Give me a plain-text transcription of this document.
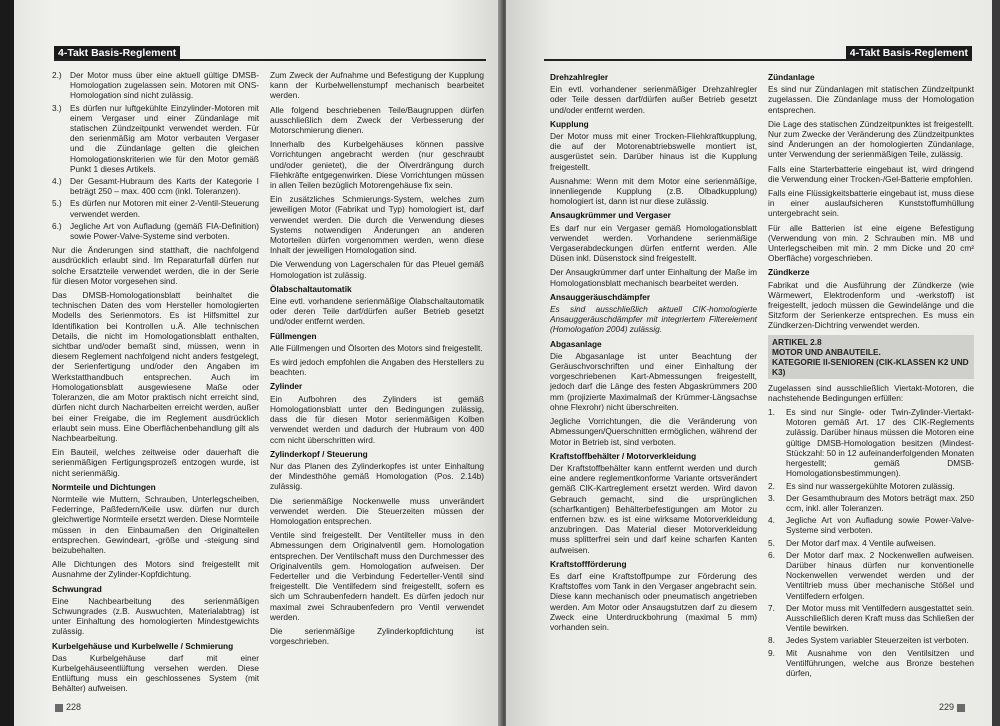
4-Takt Basis-Reglement
2.) Der Motor muss über eine aktuell gültige DMSB-Homologation zugelassen sein. Motoren mit ONS-Homologation sind nicht zulässig.
3.) Es dürfen nur luftgekühlte Einzylinder-Motoren mit einem Vergaser und einer Zündanlage mit statischen Zündzeitpunkt verwendet werden. Für den serienmäßig am Motor verbauten Vergaser und die Zündanlage gelten die gleichen Homologationskriterien wie für den Motor gemäß Punkt 1 dieses Artikels.
4.) Der Gesamt-Hubraum des Karts der Kategorie I beträgt 250 – max. 400 ccm (inkl. Toleranzen).
5.) Es dürfen nur Motoren mit einer 2-Ventil-Steuerung verwendet werden.
6.) Jegliche Art von Aufladung (gemäß FIA-Definition) sowie Power-Valve-Systeme sind verboten.

Nur die Änderungen sind statthaft, die nachfolgend ausdrücklich erlaubt sind. Im Reparaturfall dürfen nur solche Ersatzteile verwendet werden, die in der Serie für diesen Motor vorgesehen sind.

Das DMSB-Homologationsblatt beinhaltet die technischen Daten des vom Hersteller homologierten Modells des Serienmotors. Es ist Hilfsmittel zur Identifikation bei Kontrollen u.Ä. Alle technischen Details, die nicht im Homologationsblatt enthalten, sichtbar und/oder bemaßt sind, müssen, wenn in diesem Reglement nachfolgend nicht anders festgelegt, der Serienfertigung und/oder den Angaben im Werkstatthandbuch entsprechen. Auch im Homologationsblatt ausgewiesene Maße oder Toleranzen, die am Motor praktisch nicht erreicht sind, dürfen nicht durch Nacharbeiten erreicht werden, außer bei einer Freigabe, die im Reglement ausdrücklich erlaubt sein muss. Eine Oberflächenbehandlung gilt als Nachbearbeitung.

Ein Bauteil, welches zeitweise oder dauerhaft die serienmäßigen Fertigungsprozeß entzogen wurde, ist nicht serienmäßig.

Normteile und Dichtungen

Normteile wie Muttern, Schrauben, Unterlegscheiben, Federringe, Paßfedern/Keile usw. dürfen nur durch gleichwertige Normteile ersetzt werden. Diese Normteile müssen in den Einbaumaßen den Originalteilen entsprechen. Gewindeart, -größe und -steigung sind beizubehalten.

Alle Dichtungen des Motors sind freigestellt mit Ausnahme der Zylinder-Kopfdichtung.

Schwungrad

Eine Nachbearbeitung des serienmäßigen Schwungrades (z.B. Auswuchten, Materialabtrag) ist unter Einhaltung des homologierten Mindestgewichts zulässig.

Kurbelgehäuse und Kurbelwelle / Schmierung

Das Kurbelgehäuse darf mit einer Kurbelgehäuseentlüftung versehen werden. Diese Entlüftung muss ein geschlossenes System (mit Behälter) aufweisen.

Zum Zweck der Aufnahme und Befestigung der Kupplung kann der Kurbelwellenstumpf mechanisch bearbeitet werden.

Alle folgend beschriebenen Teile/Baugruppen dürfen ausschließlich dem Zweck der Verbesserung der Motorschmierung dienen.

Innerhalb des Kurbelgehäuses können passive Vorrichtungen angebracht werden (nur geschraubt und/oder genietet), die der Ölverdrängung durch Fliehkräfte entgegenwirken. Diese Vorrichtungen müssen in allen Teilen bezüglich Motorengehäuse fix sein.

Ein zusätzliches Schmierungs-System, welches zum jeweiligen Motor (Fabrikat und Typ) homologiert ist, darf verwendet werden. Die durch die Verwendung dieses Systems notwendigen Änderungen an anderen Motorteilen dürfen vorgenommen werden, wenn diese Inhalt der jeweiligen Homologation sind.

Die Verwendung von Lagerschalen für das Pleuel gemäß Homologation ist zulässig.

Ölabschaltautomatik

Eine evtl. vorhandene serienmäßige Ölabschaltautomatik oder deren Teile darf/dürfen außer Betrieb gesetzt und/oder entfernt werden.

Füllmengen

Alle Füllmengen und Ölsorten des Motors sind freigestellt.

Es wird jedoch empfohlen die Angaben des Herstellers zu beachten.

Zylinder

Ein Aufbohren des Zylinders ist gemäß Homologationsblatt unter den Bedingungen zulässig, dass die für diesen Motor serienmäßigen Kolben verwendet werden und dadurch der Hubraum von 400 ccm nicht überschritten wird.

Zylinderkopf / Steuerung

Nur das Planen des Zylinderkopfes ist unter Einhaltung der Mindesthöhe gemäß Homologation (Pos. 2.14b) zulässig.

Die serienmäßige Nockenwelle muss unverändert verwendet werden. Die Steuerzeiten müssen der Homologation entsprechen.

Ventile sind freigestellt. Der Ventilteller muss in den Abmessungen dem Originalventil gem. Homologation entsprechen. Der Ventilschaft muss den Durchmesser des Originalventils gem. Homologation aufweisen. Der Federteller und die Verbindung Federteller-Ventil sind freigestellt. Die Ventilfedern sind freigestellt, sofern es sich um Schraubenfedern handelt. Es dürfen jedoch nur maximal zwei Schraubenfedern pro Ventil verwendet werden.

Die serienmäßige Zylinderkopfdichtung ist vorgeschrieben.

228
4-Takt Basis-Reglement
Drehzahlregler

Ein evtl. vorhandener serienmäßiger Drehzahlregler oder Teile dessen darf/dürfen außer Betrieb gesetzt und/oder entfernt werden.

Kupplung

Der Motor muss mit einer Trocken-Fliehkraftkupplung, die auf der Motorenabtriebswelle montiert ist, ausgerüstet sein. Darüber hinaus ist die Kupplung freigestellt.

Ausnahme: Wenn mit dem Motor eine serienmäßige, innenliegende Kupplung (z.B. Ölbadkupplung) homologiert ist, dann ist nur diese zulässig.

Ansaugkrümmer und Vergaser

Es darf nur ein Vergaser gemäß Homologationsblatt verwendet werden. Vorhandene serienmäßige Vergaserabdeckungen dürfen entfernt werden. Alle Düsen inkl. Düsenstock sind freigestellt.

Der Ansaugkrümmer darf unter Einhaltung der Maße im Homologationsblatt mechanisch bearbeitet werden.

Ansauggeräuschdämpfer

Es sind ausschließlich aktuell CIK-homologierte Ansauggeräuschdämpfer mit integriertem Filtereiement (Homologation 2004) zulässig.

Abgasanlage

Die Abgasanlage ist unter Beachtung der Geräuschvorschriften und einer Einhaltung der vorgeschriebenen Kart-Abmessungen freigestellt, jedoch darf die Länge des festen Abgaskrümmers 200 mm (projizierte Maximalmaß der Krümmer-Längsachse ohne Flexrohr) nicht überschreiten.

Jegliche Vorrichtungen, die die Veränderung von Abmessungen/Querschnitten ermöglichen, während der Motor in Betrieb ist, sind verboten.

Kraftstoffbehälter / Motorverkleidung

Der Kraftstoffbehälter kann entfernt werden und durch eine andere reglementkonforme Variante ortsverändert gemäß CIK-Kartreglement ersetzt werden. Wird davon Gebrauch gemacht, sind die ursprünglichen (scharfkantigen) Behälterbefestigungen am Motor zu entfernen bzw. es ist eine wirksame Motorverkleidung anzubringen. Das Material dieser Motorverkleidung muss splitterfrei sein und darf keine scharfen Kanten aufweisen.

Kraftstoffförderung

Es darf eine Kraftstoffpumpe zur Förderung des Kraftstoffes vom Tank in den Vergaser angebracht sein. Diese kann mechanisch oder pneumatisch angetrieben werden. Am Motor oder Ansaugstutzen darf zu diesem Zweck eine Unterdruckbohrung (maximal 5 mm) vorhanden sein.

Zündanlage

Es sind nur Zündanlagen mit statischen Zündzeitpunkt zugelassen. Die Zündanlage muss der Homologation entsprechen.

Die Lage des statischen Zündzeitpunktes ist freigestellt. Nur zum Zwecke der Veränderung des Zündzeitpunktes sind Änderungen an der homologierten Zündanlage, unter Verwendung der serienmäßigen Teile, zulässig.

Falls eine Starterbatterie eingebaut ist, wird dringend die Verwendung einer Trocken-/Gel-Batterie empfohlen.

Falls eine Flüssigkeitsbatterie eingebaut ist, muss diese in einer auslaufsicheren Kunststoffumhüllung untergebracht sein.

Für alle Batterien ist eine eigene Befestigung (Verwendung von min. 2 Schrauben min. M8 und Unterlegscheiben mit min. 2 mm Dicke und 20 cm² Oberfläche) vorgeschrieben.

Zündkerze

Fabrikat und die Ausführung der Zündkerze (wie Wärmewert, Elektrodenform und -werkstoff) ist freigestellt, jedoch müssen die Gewindelänge und die Sitzform der Serienkerze entsprechen. Es muss ein Zündkerzen-Dichtring verwendet werden.

ARTIKEL 2.8
MOTOR UND ANBAUTEILE.
KATEGORIE II-SENIOREN (CIK-KLASSEN K2 UND K3)

Zugelassen sind ausschließlich Viertakt-Motoren, die nachstehende Bedingungen erfüllen:

1. Es sind nur Single- oder Twin-Zylinder-Viertakt-Motoren gemäß Art. 17 des CIK-Reglements zulässig. Darüber hinaus müssen die Motoren eine gültige DMSB-Homologation besitzen (Mindest-Stückzahl: 50 in 12 aufeinanderfolgenden Monaten hergestellt; gemäß DMSB-Homologationsbestimmungen).
2. Es sind nur wassergekühlte Motoren zulässig.
3. Der Gesamthubraum des Motors beträgt max. 250 ccm, inkl. aller Toleranzen.
4. Jegliche Art von Aufladung sowie Power-Valve-Systeme sind verboten.
5. Der Motor darf max. 4 Ventile aufweisen.
6. Der Motor darf max. 2 Nockenwellen aufweisen. Darüber hinaus dürfen nur konventionelle Nockenwellen verwendet werden und der Ventiltrieb muss über mechanische Stößel und Ventilfedern erfolgen.
7. Der Motor muss mit Ventilfedern ausgestattet sein. Ausschließlich deren Kraft muss das Schließen der Ventile bewirken.
8. Jedes System variabler Steuerzeiten ist verboten.
9. Mit Ausnahme von den Ventilsitzen und Ventilführungen, welche aus Bronze bestehen dürfen,
229
